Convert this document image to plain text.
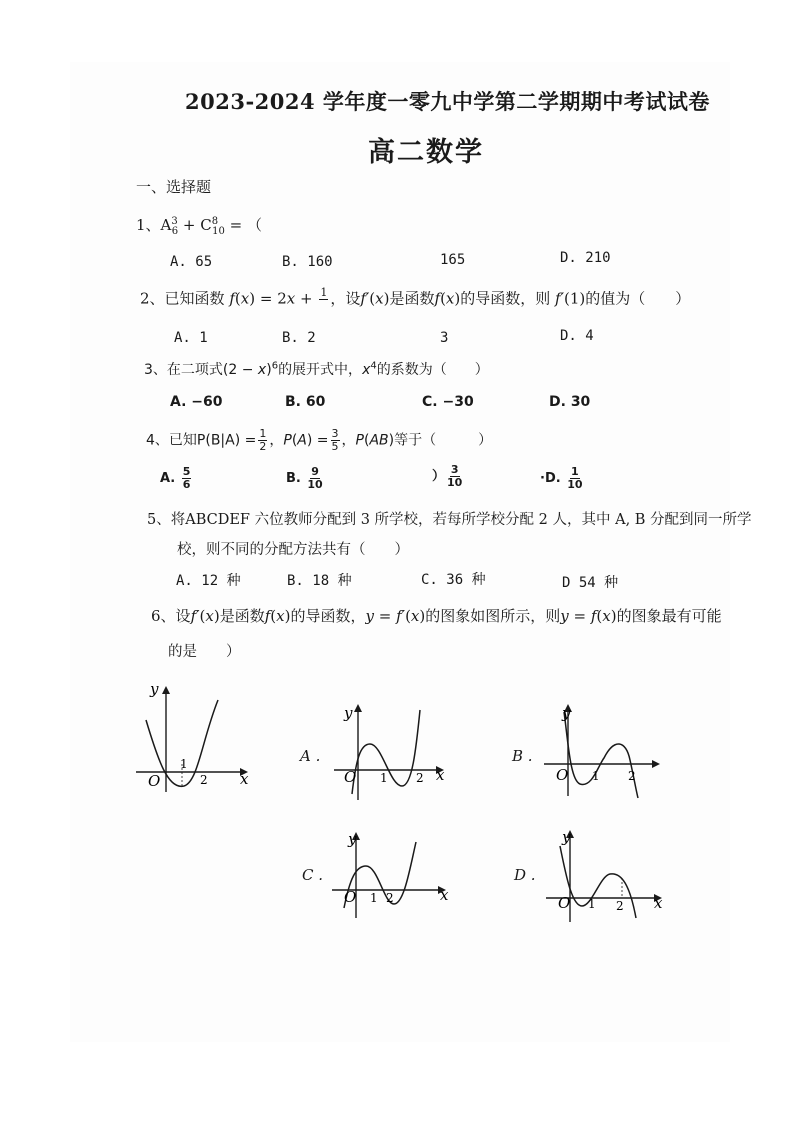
2023-2024 学年度一零九中学第二学期期中考试试卷
高二数学
一、选择题
1、$A^3_6 + C^8_{10}$ = （
A. 65	B. 160	165	D. 210
2、已知函数 f(x) = 2x + 1
，设f′(x)是函数f(x)的导函数，则 f′(1)的值为（　　）
A. 1	B. 2	3	D. 4
3、在二项式$(2 - x)^6$的展开式中，$x^4$的系数为（　　）
A. −60	B. 60	C. −30	D. 30
4、已知$P(B|A) = \frac{1}{2}$ ，$P(A) = \frac{3}{5}$ ，P(AB)等于（　　　）
A. $\frac{5}{6}$	B. $\frac{9}{10}$	） $\frac{3}{10}$	·D. $\frac{1}{10}$
5、将ABCDEF 六位教师分配到 3 所学校，若每所学校分配 2 人，其中 A, B 分配到同一所学
校，则不同的分配方法共有（　　）
A. 12 种	B. 18 种	C. 36 种	D 54 种
6、设f′(x)是函数f(x)的导函数，y = f′(x)的图象如图所示，则y = f(x)的图象最有可能
的是　　）
O
1
2 x
y
A .
O 1 2 x
y
B .
O 1 2
y
C .
O 1 2	x
y
D .
O 1 2 x
y
